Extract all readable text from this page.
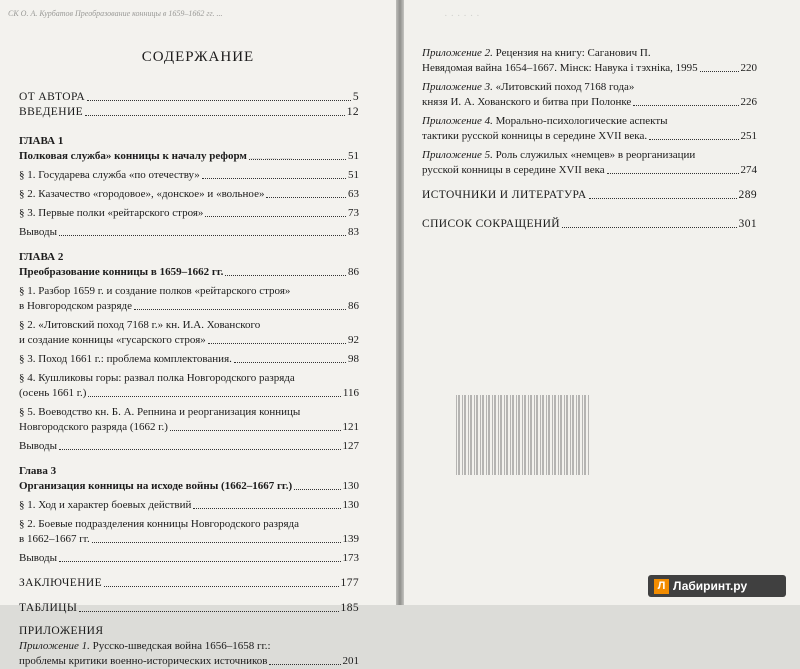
CK О. А. Курбатов Преобразование конницы в 1659–1662 гг. ...
— — —
СОДЕРЖАНИЕ
ОТ АВТОРА	5
ВВЕДЕНИЕ	12
ГЛАВА 1
Полковая служба» конницы к началу реформ	51
§ 1. Государева служба «по отечеству»	51
§ 2. Казачество «городовое», «донское» и «вольное»	63
§ 3. Первые полки «рейтарского строя»	73
Выводы	83
ГЛАВА 2
Преобразование конницы в 1659–1662 гг.	86
§ 1. Разбор 1659 г. и создание полков «рейтарского строя»
в Новгородском разряде	86
§ 2. «Литовский поход 7168 г.» кн. И.А. Хованского
и создание конницы «гусарского строя»	92
§ 3. Поход 1661 г.: проблема комплектования.	98
§ 4. Кушликовы горы: развал полка Новгородского разряда
(осень 1661 г.)	116
§ 5. Воеводство кн. Б. А. Репнина и реорганизация конницы
Новгородского разряда (1662 г.)	121
Выводы	127
Глава 3
Организация конницы на исходе войны (1662–1667 гг.)	130
§ 1. Ход и характер боевых действий	130
§ 2. Боевые подразделения конницы Новгородского разряда
в 1662–1667 гг.	139
Выводы	173
ЗАКЛЮЧЕНИЕ	177
ТАБЛИЦЫ	185
ПРИЛОЖЕНИЯ
Приложение 1. Русско-шведская война 1656–1658 гг.:
проблемы критики военно-исторических источников	201
· · · · · ·
Приложение 2. Рецензия на книгу: Саганович П.
Невядомая вайна 1654–1667. Мінск: Навука і тэхніка, 1995	220
Приложение 3. «Литовский поход 7168 года»
князя И. А. Хованского и битва при Полонке	226
Приложение 4. Морально-психологические аспекты
тактики русской конницы в середине XVII века.	251
Приложение 5. Роль служилых «немцев» в реорганизации
русской конницы в середине XVII века	274
ИСТОЧНИКИ И ЛИТЕРАТУРА	289
СПИСОК СОКРАЩЕНИЙ	301
Л Лабиринт.ру
